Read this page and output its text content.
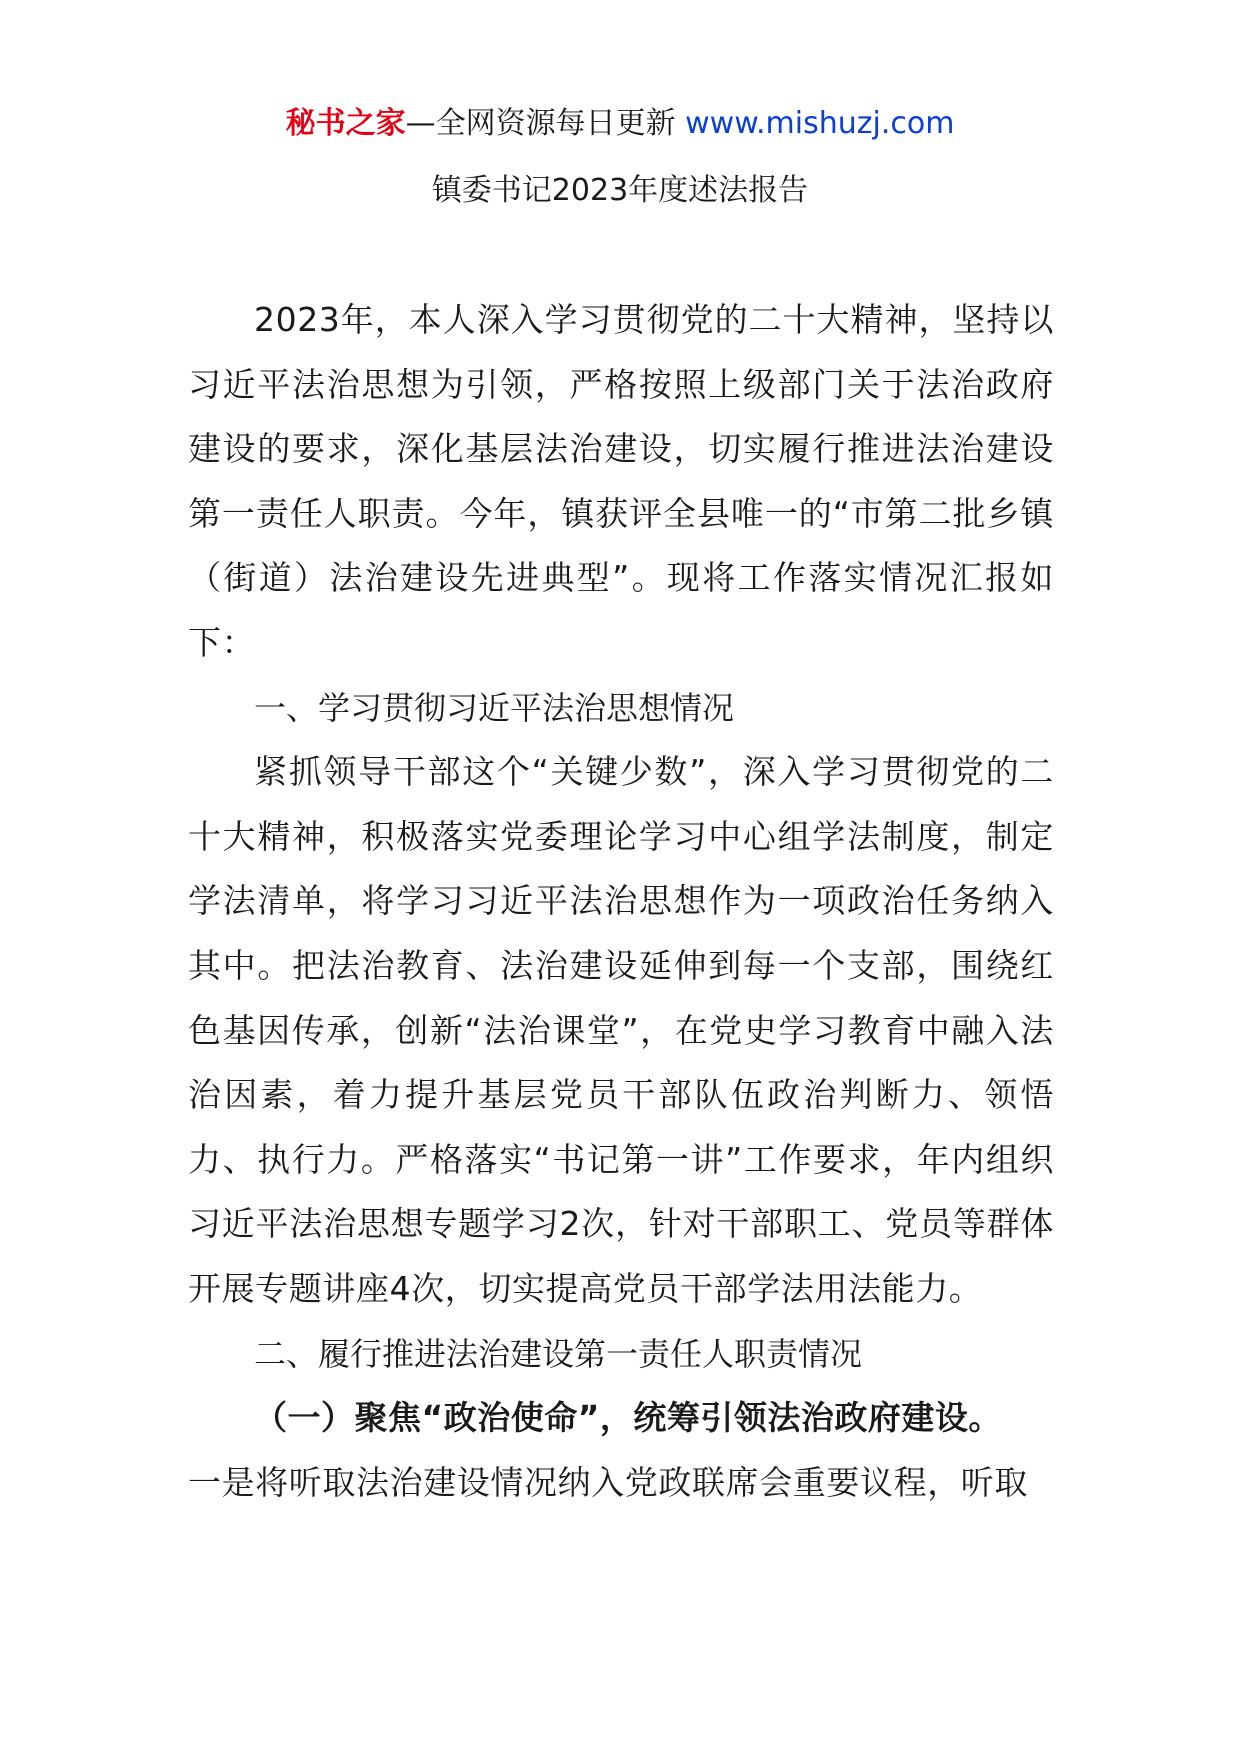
秘书之家—全网资源每日更新 www.mishuzj.com
镇委书记2023年度述法报告

2023年，本人深入学习贯彻党的二十大精神，坚持以习近平法治思想为引领，严格按照上级部门关于法治政府建设的要求，深化基层法治建设，切实履行推进法治建设第一责任人职责。今年，镇获评全县唯一的“市第二批乡镇（街道）法治建设先进典型”。现将工作落实情况汇报如下：

一、学习贯彻习近平法治思想情况

紧抓领导干部这个“关键少数”，深入学习贯彻党的二十大精神，积极落实党委理论学习中心组学法制度，制定学法清单，将学习习近平法治思想作为一项政治任务纳入其中。把法治教育、法治建设延伸到每一个支部，围绕红色基因传承，创新“法治课堂”，在党史学习教育中融入法治因素，着力提升基层党员干部队伍政治判断力、领悟力、执行力。严格落实“书记第一讲”工作要求，年内组织习近平法治思想专题学习2次，针对干部职工、党员等群体开展专题讲座4次，切实提高党员干部学法用法能力。

二、履行推进法治建设第一责任人职责情况

（一）聚焦“政治使命”，统筹引领法治政府建设。

一是将听取法治建设情况纳入党政联席会重要议程，听取
